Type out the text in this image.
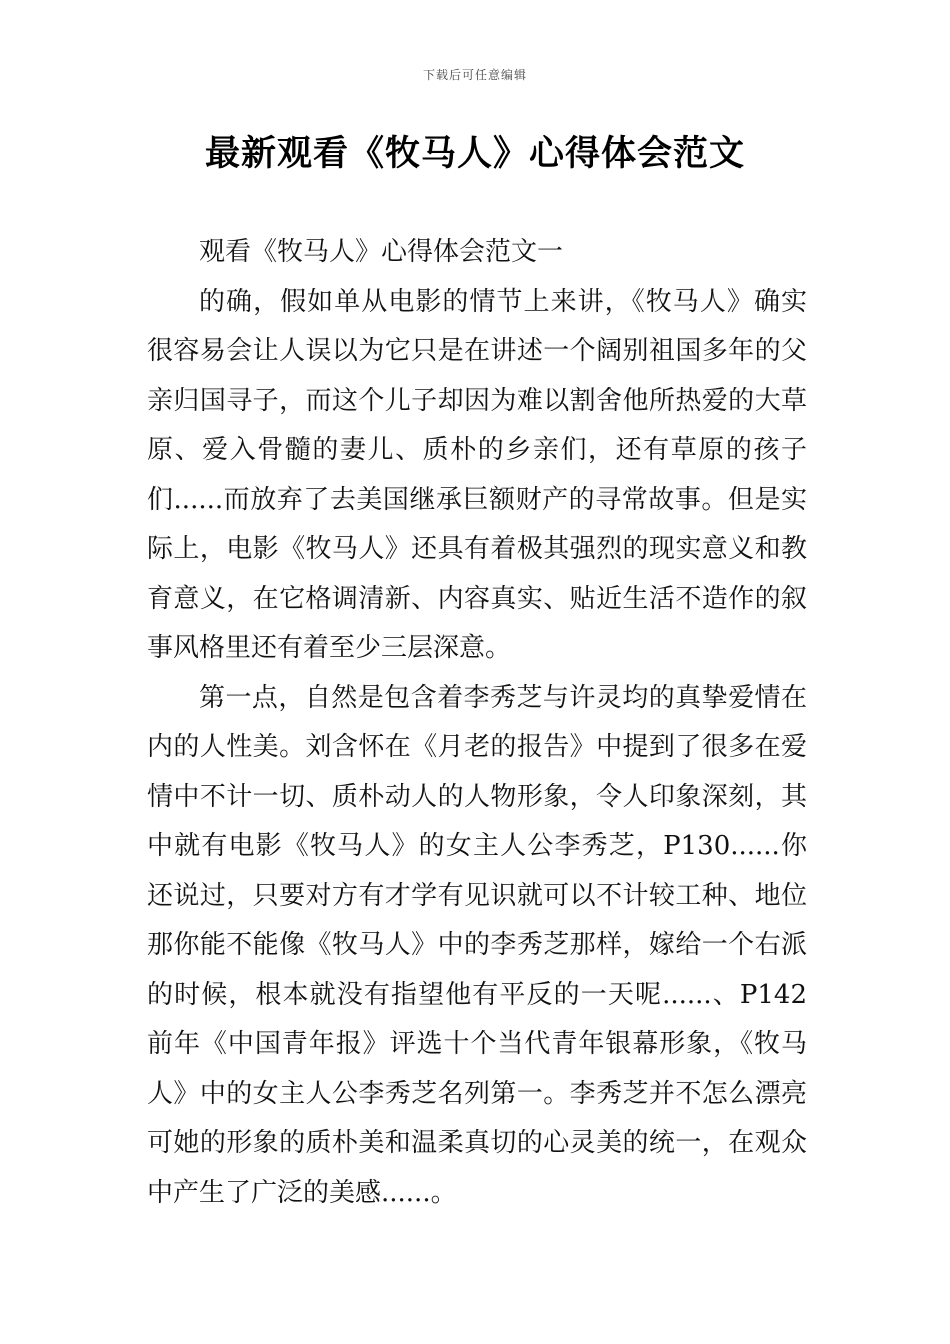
下载后可任意编辑
最新观看《牧马人》心得体会范文

观看《牧马人》心得体会范文一

的确，假如单从电影的情节上来讲，《牧马人》确实很容易会让人误以为它只是在讲述一个阔别祖国多年的父亲归国寻子，而这个儿子却因为难以割舍他所热爱的大草原、爱入骨髓的妻儿、质朴的乡亲们，还有草原的孩子们......而放弃了去美国继承巨额财产的寻常故事。但是实际上，电影《牧马人》还具有着极其强烈的现实意义和教育意义，在它格调清新、内容真实、贴近生活不造作的叙事风格里还有着至少三层深意。

第一点，自然是包含着李秀芝与许灵均的真挚爱情在内的人性美。刘含怀在《月老的报告》中提到了很多在爱情中不计一切、质朴动人的人物形象，令人印象深刻，其中就有电影《牧马人》的女主人公李秀芝，P130......你还说过，只要对方有才学有见识就可以不计较工种、地位那你能不能像《牧马人》中的李秀芝那样，嫁给一个右派的时候，根本就没有指望他有平反的一天呢......、P142前年《中国青年报》评选十个当代青年银幕形象，《牧马人》中的女主人公李秀芝名列第一。李秀芝并不怎么漂亮可她的形象的质朴美和温柔真切的心灵美的统一，在观众中产生了广泛的美感......。
